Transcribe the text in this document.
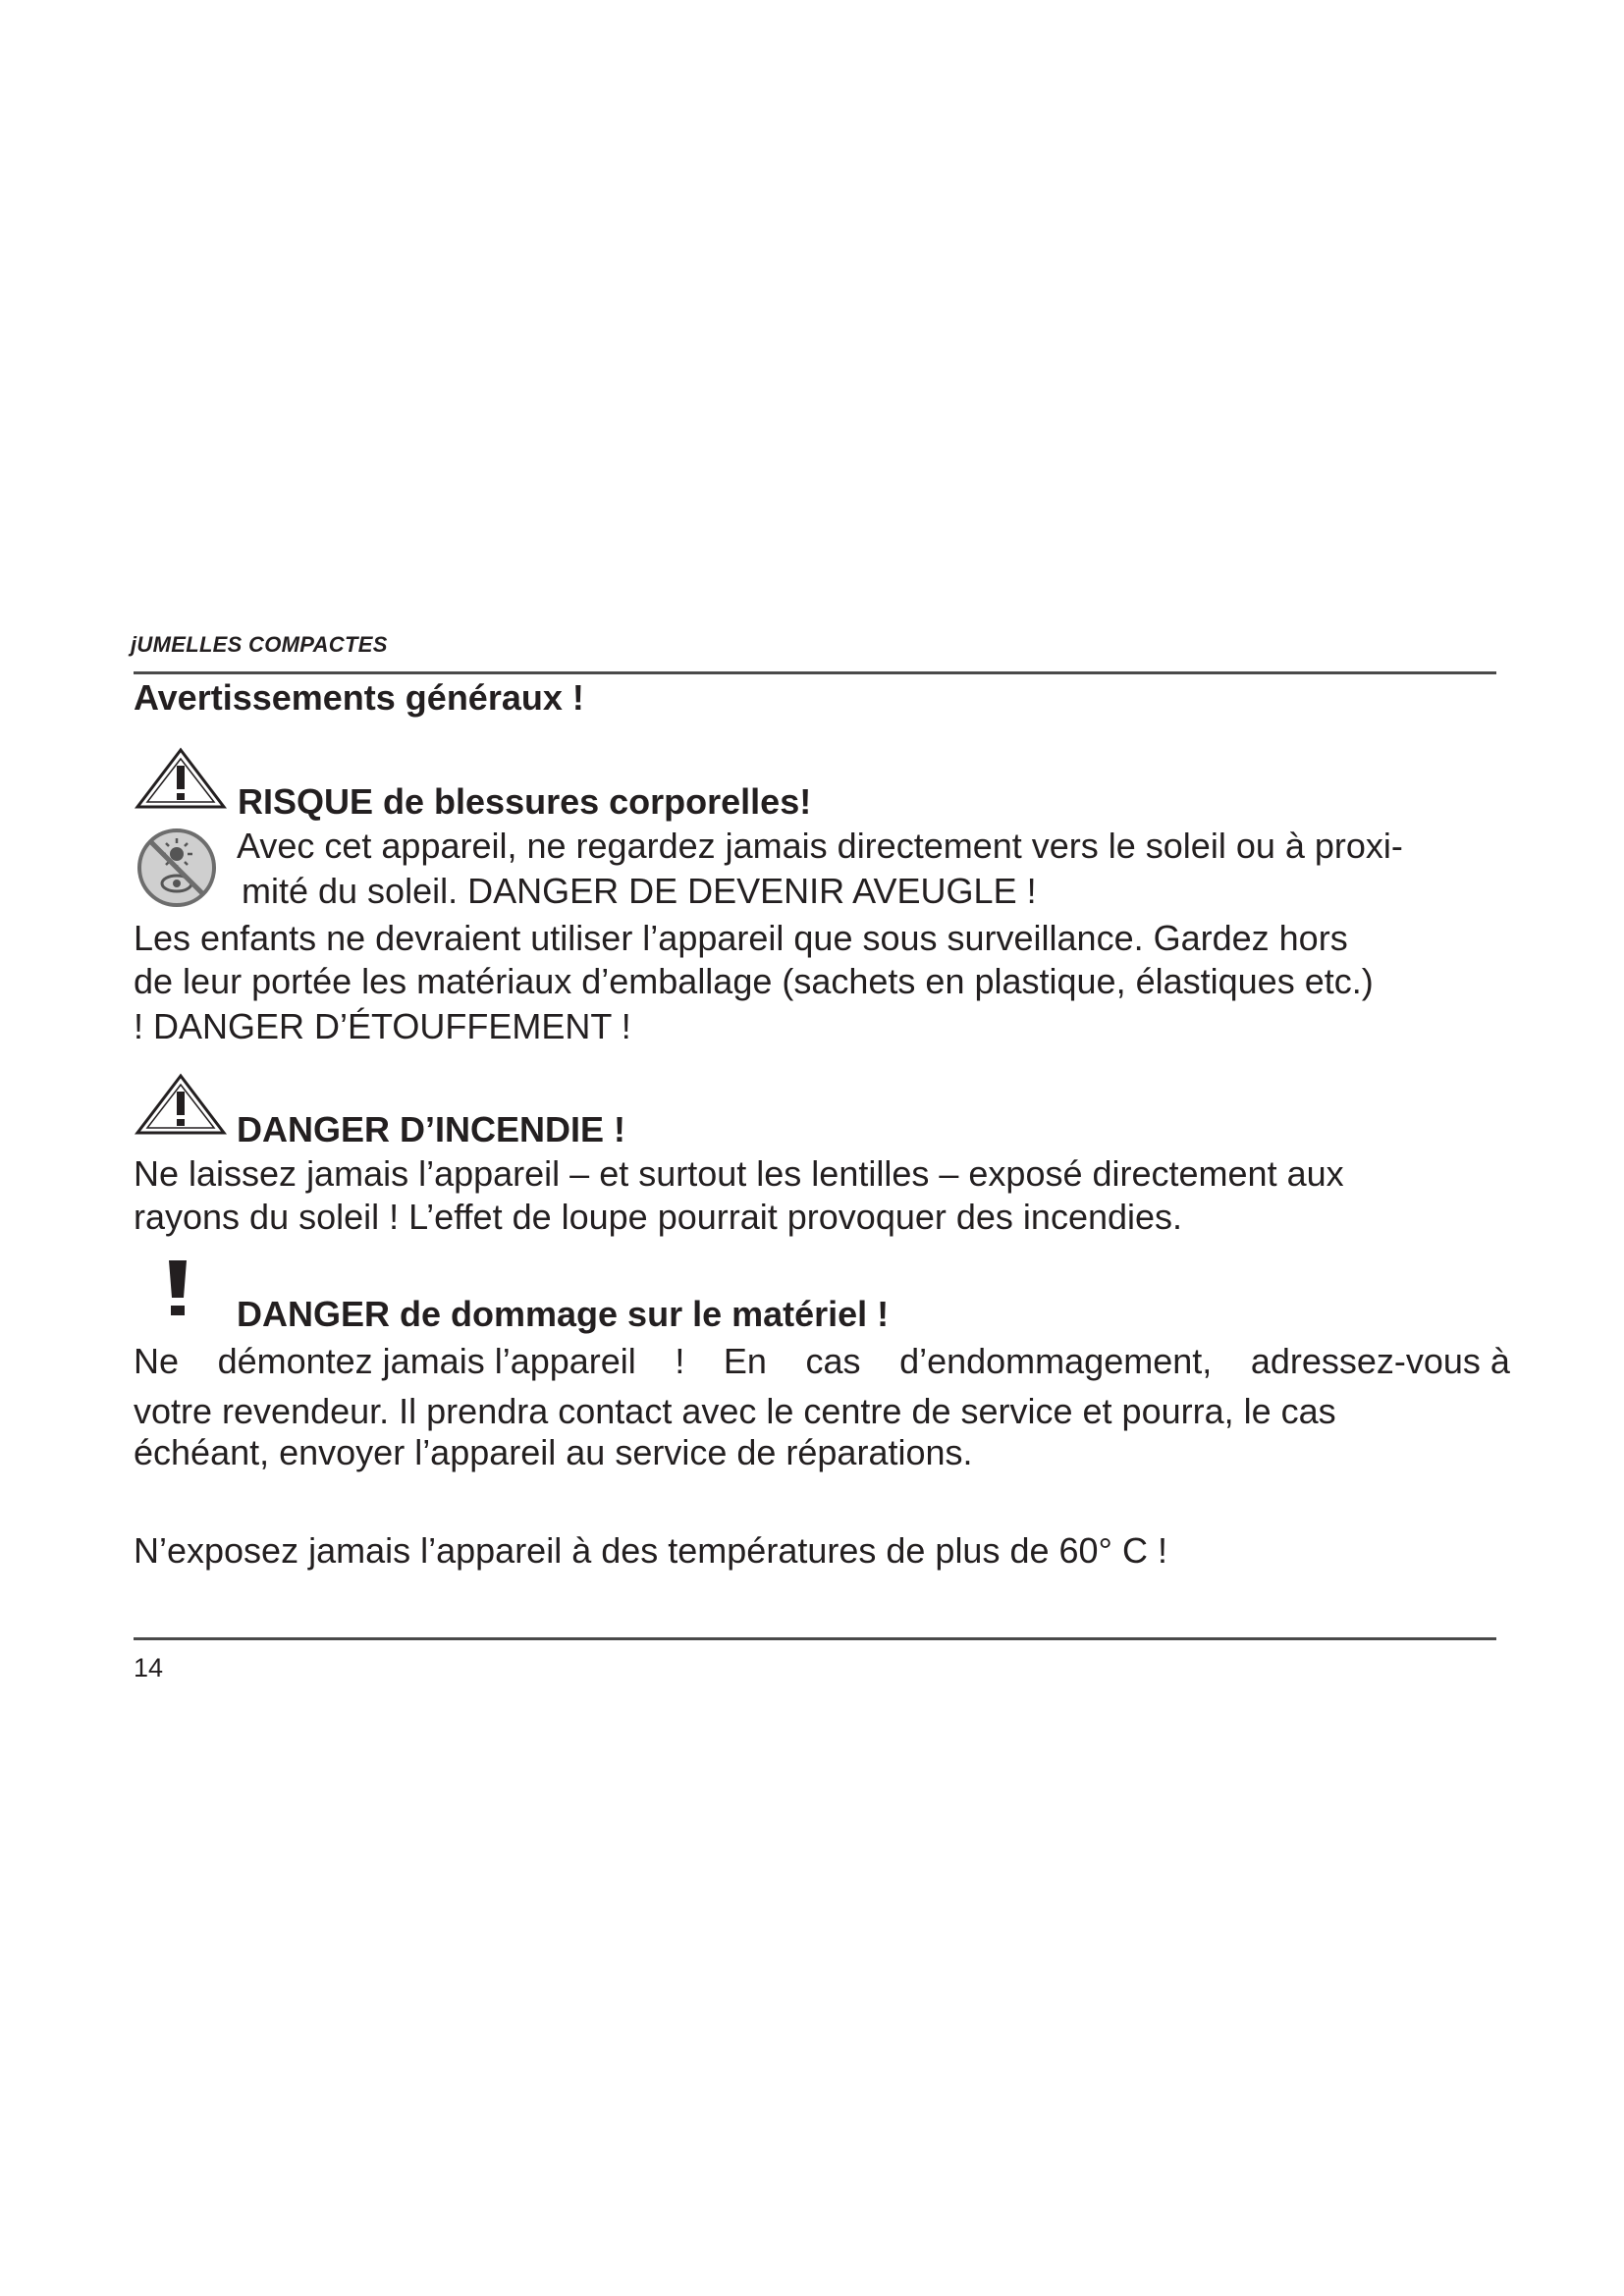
jUMELLES COMPACTES
Avertissements généraux !
RISQUE de blessures corporelles!
Avec cet appareil, ne regardez jamais directement vers le soleil ou à proxi-
mité du soleil. DANGER DE DEVENIR AVEUGLE !
Les enfants ne devraient utiliser l’appareil que sous surveillance. Gardez hors
de leur portée les matériaux d’emballage (sachets en plastique, élastiques etc.)
! DANGER D’ÉTOUFFEMENT !
DANGER D’INCENDIE !
Ne laissez jamais l’appareil – et surtout les lentilles – exposé directement aux
rayons du soleil ! L’effet de loupe pourrait provoquer des incendies.
DANGER de dommage sur le matériel !
Ne démontez jamais l’appareil ! En cas d’endommagement, adressez-vous à
votre revendeur. Il prendra contact avec le centre de service et pourra, le cas
échéant, envoyer l’appareil au service de réparations.
N’exposez jamais l’appareil à des températures de plus de 60° C !
14
